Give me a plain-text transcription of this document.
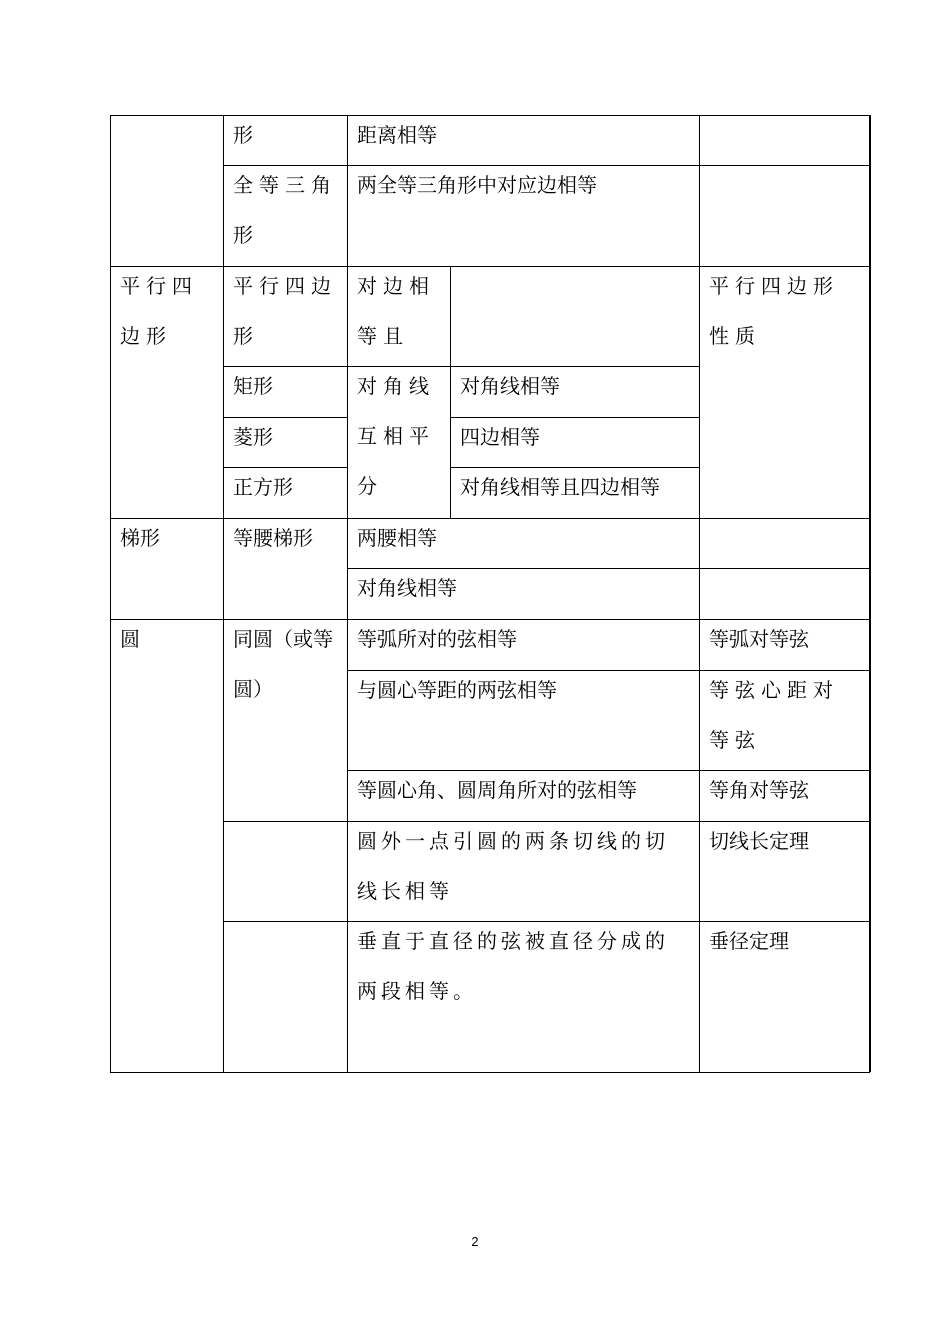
	形	距离相等		

	全等三角形	两全等三角形中对应边相等		

平行四边形	平行四边形	对边相等且		平行四边形性质

	矩形	对角线互相平分	对角线相等	

	菱形		四边相等	

	正方形		对角线相等且四边相等	

梯形	等腰梯形	两腰相等		

		对角线相等		

圆	同圆（或等圆）	等弧所对的弦相等		等弧对等弦

		与圆心等距的两弦相等		等弦心距对等弦

		等圆心角、圆周角所对的弦相等		等角对等弦

		圆外一点引圆的两条切线的切线长相等		切线长定理

		垂直于直径的弦被直径分成的两段相等。		垂径定理
2
